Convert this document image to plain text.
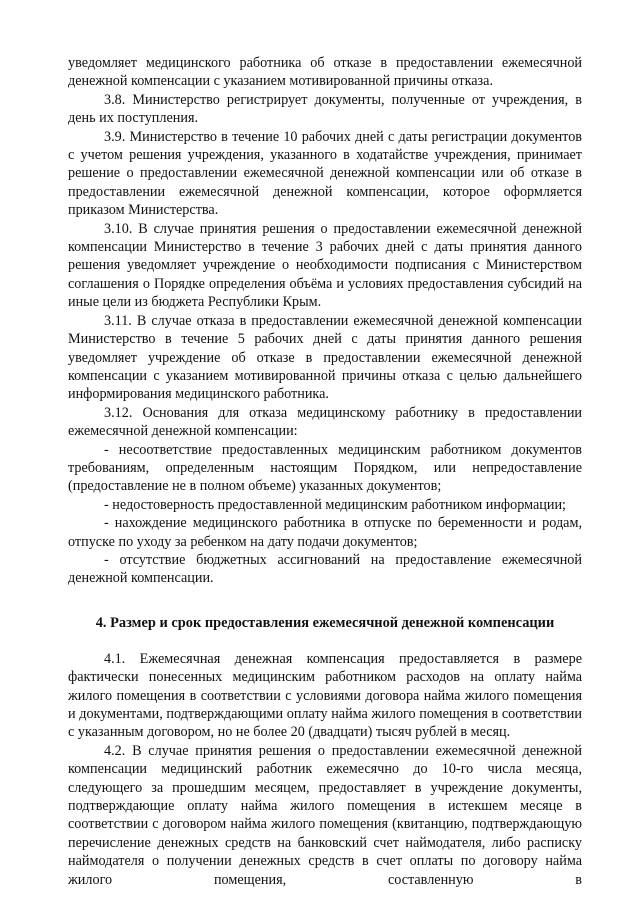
уведомляет медицинского работника об отказе в предоставлении ежемесячной денежной компенсации с указанием мотивированной причины отказа.

3.8. Министерство регистрирует документы, полученные от учреждения, в день их поступления.

3.9. Министерство в течение 10 рабочих дней с даты регистрации документов с учетом решения учреждения, указанного в ходатайстве учреждения, принимает решение о предоставлении ежемесячной денежной компенсации или об отказе в предоставлении ежемесячной денежной компенсации, которое оформляется приказом Министерства.

3.10. В случае принятия решения о предоставлении ежемесячной денежной компенсации Министерство в течение 3 рабочих дней с даты принятия данного решения уведомляет учреждение о необходимости подписания с Министерством соглашения о Порядке определения объёма и условиях предоставления субсидий на иные цели из бюджета Республики Крым.

3.11. В случае отказа в предоставлении ежемесячной денежной компенсации Министерство в течение 5 рабочих дней с даты принятия данного решения уведомляет учреждение об отказе в предоставлении ежемесячной денежной компенсации с указанием мотивированной причины отказа с целью дальнейшего информирования медицинского работника.

3.12. Основания для отказа медицинскому работнику в предоставлении ежемесячной денежной компенсации:

- несоответствие предоставленных медицинским работником документов требованиям, определенным настоящим Порядком, или непредоставление (предоставление не в полном объеме) указанных документов;

- недостоверность предоставленной медицинским работником информации;

- нахождение медицинского работника в отпуске по беременности и родам, отпуске по уходу за ребенком на дату подачи документов;

- отсутствие бюджетных ассигнований на предоставление ежемесячной денежной компенсации.

4. Размер и срок предоставления ежемесячной денежной компенсации

4.1. Ежемесячная денежная компенсация предоставляется в размере фактически понесенных медицинским работником расходов на оплату найма жилого помещения в соответствии с условиями договора найма жилого помещения и документами, подтверждающими оплату найма жилого помещения в соответствии с указанным договором, но не более 20 (двадцати) тысяч рублей в месяц.

4.2. В случае принятия решения о предоставлении ежемесячной денежной компенсации медицинский работник ежемесячно до 10-го числа месяца, следующего за прошедшим месяцем, предоставляет в учреждение документы, подтверждающие оплату найма жилого помещения в истекшем месяце в соответствии с договором найма жилого помещения (квитанцию, подтверждающую перечисление денежных средств на банковский счет наймодателя, либо расписку наймодателя о получении денежных средств в счет оплаты по договору найма жилого помещения, составленную в
